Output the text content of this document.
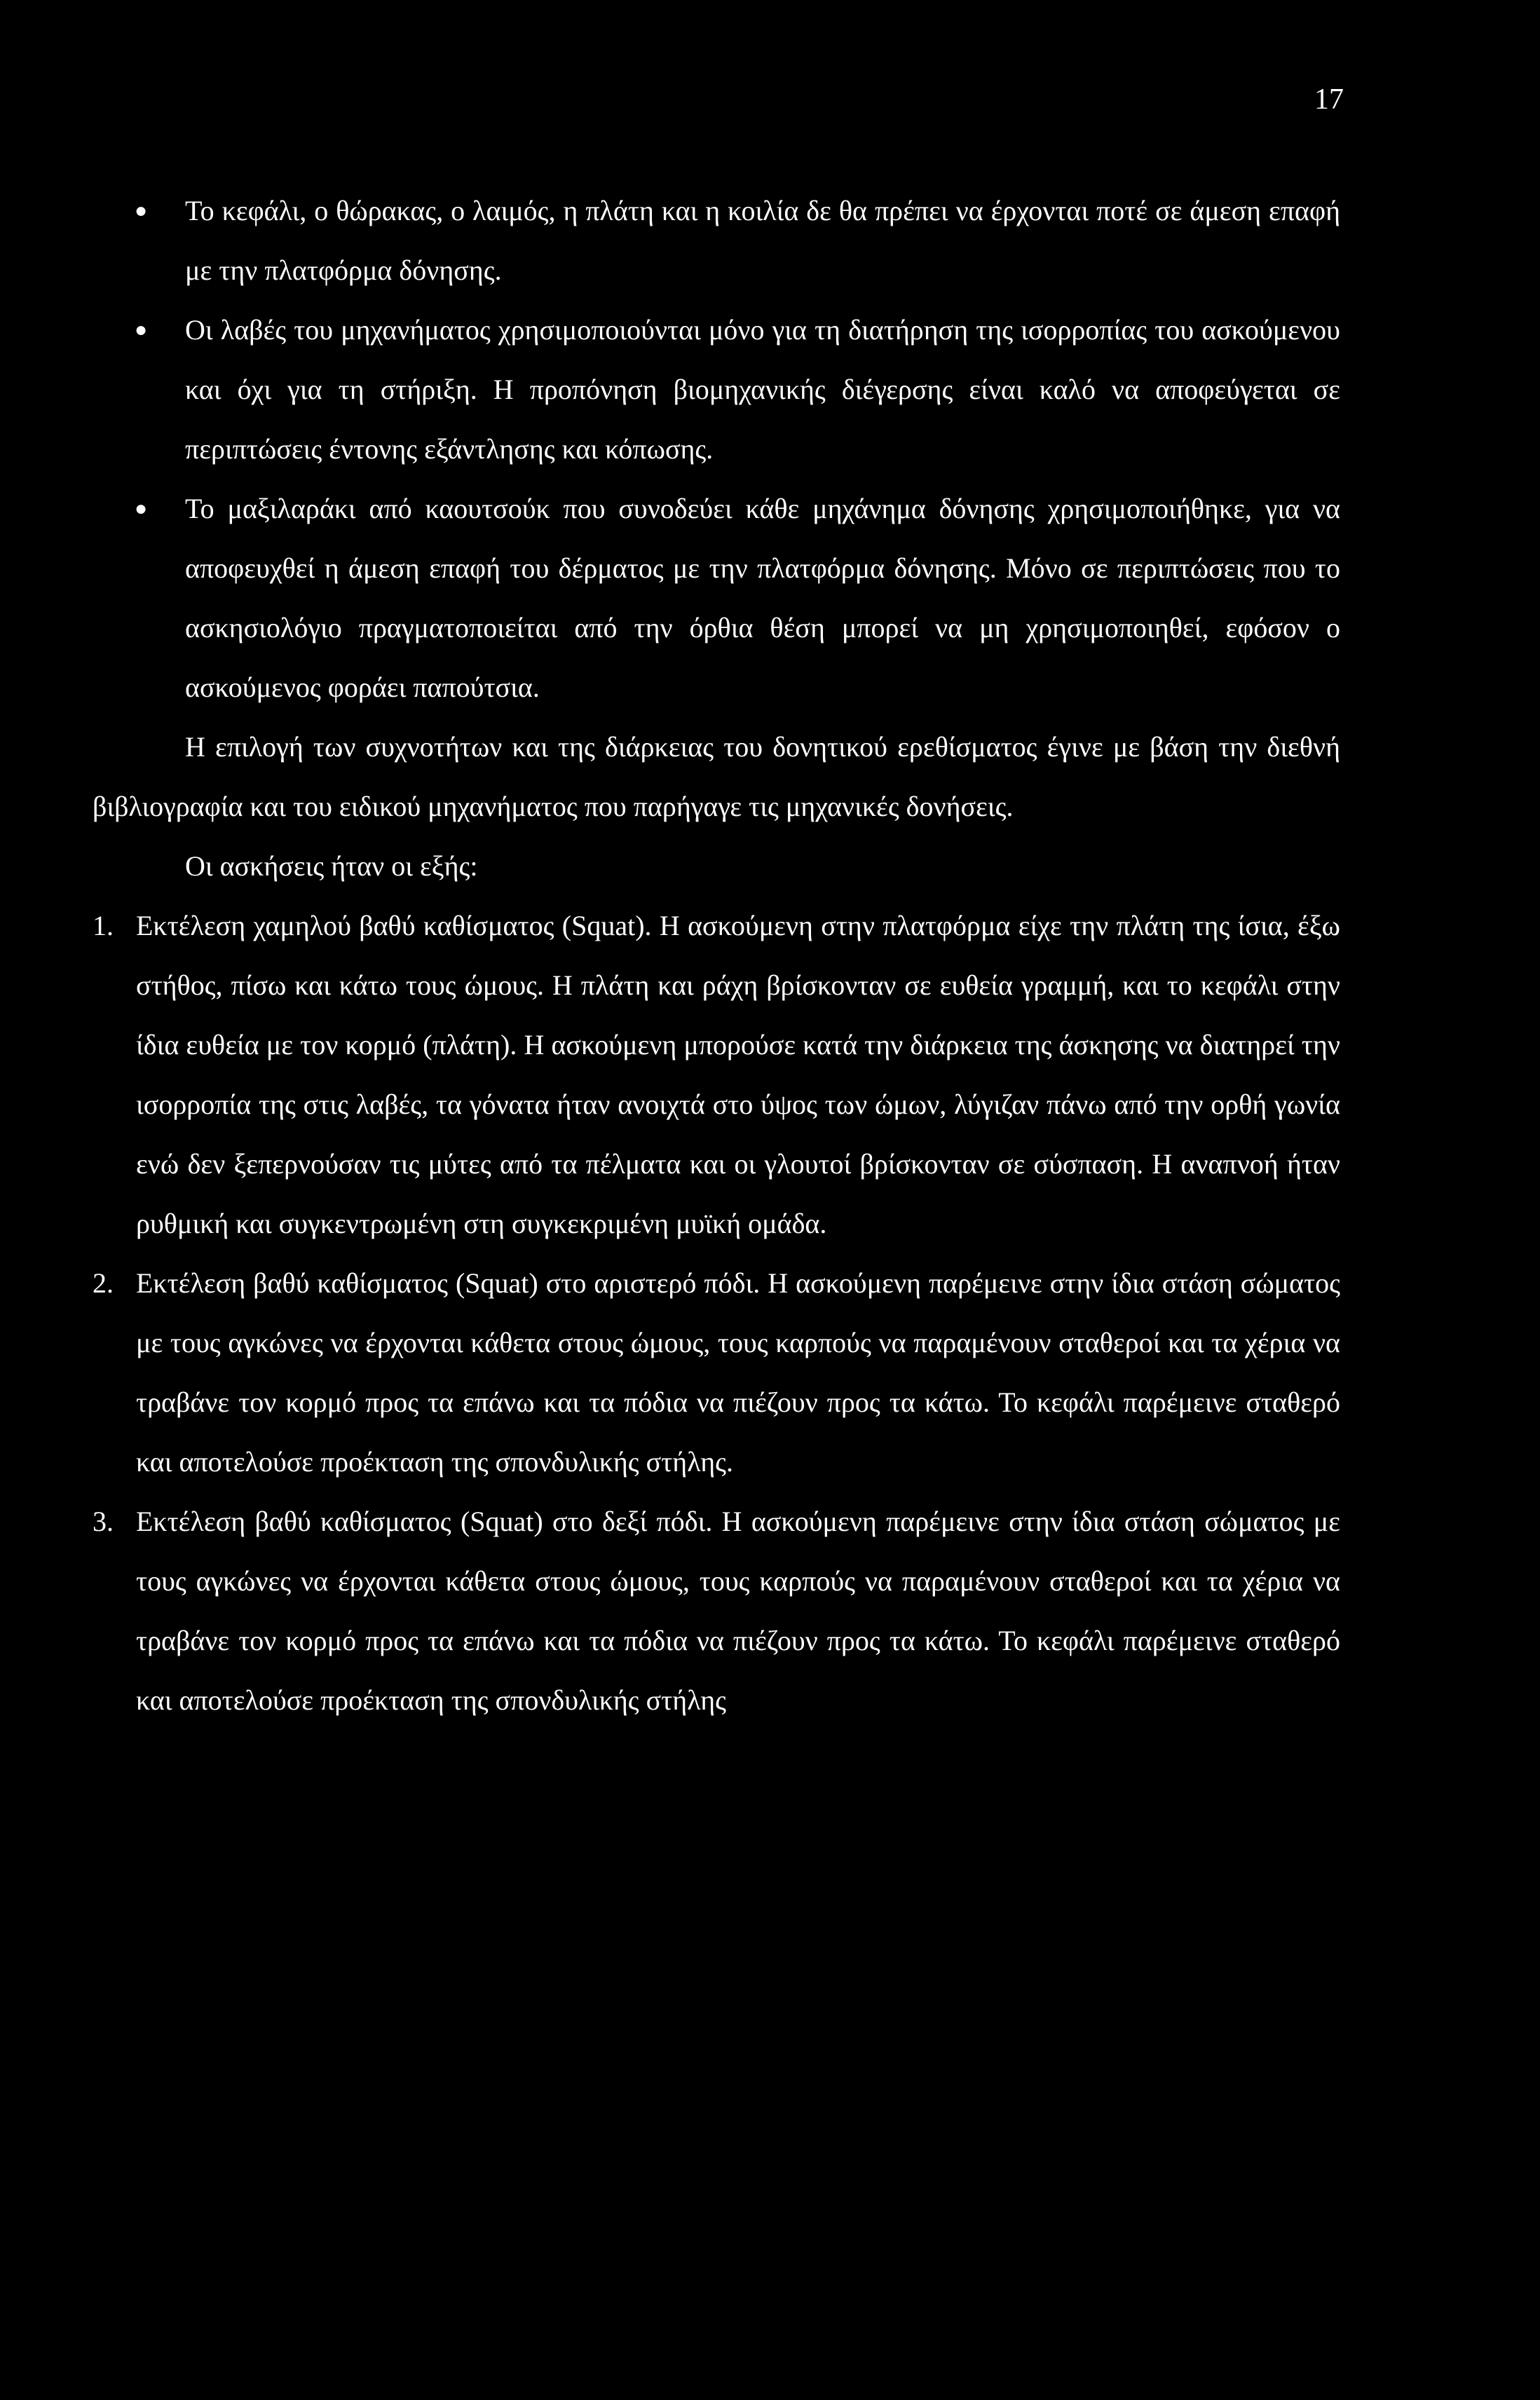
17
● Το κεφάλι, ο θώρακας, ο λαιμός, η πλάτη και η κοιλία δε θα πρέπει να έρχονται ποτέ σε άμεση επαφή με την πλατφόρμα δόνησης.
● Οι λαβές του μηχανήματος χρησιμοποιούνται μόνο για τη διατήρηση της ισορροπίας του ασκούμενου και όχι για τη στήριξη. Η προπόνηση βιομηχανικής διέγερσης είναι καλό να αποφεύγεται σε περιπτώσεις έντονης εξάντλησης και κόπωσης.
● Το μαξιλαράκι από καουτσούκ που συνοδεύει κάθε μηχάνημα δόνησης χρησιμοποιήθηκε, για να αποφευχθεί η άμεση επαφή του δέρματος με την πλατφόρμα δόνησης. Μόνο σε περιπτώσεις που το ασκησιολόγιο πραγματοποιείται από την όρθια θέση μπορεί να μη χρησιμοποιηθεί, εφόσον ο ασκούμενος φοράει παπούτσια.

Η επιλογή των συχνοτήτων και της διάρκειας του δονητικού ερεθίσματος έγινε με βάση την διεθνή βιβλιογραφία και του ειδικού μηχανήματος που παρήγαγε τις μηχανικές δονήσεις.

Οι ασκήσεις ήταν οι εξής:

1. Εκτέλεση χαμηλού βαθύ καθίσματος (Squat). Η ασκούμενη στην πλατφόρμα είχε την πλάτη της ίσια, έξω στήθος, πίσω και κάτω τους ώμους. Η πλάτη και ράχη βρίσκονταν σε ευθεία γραμμή, και το κεφάλι στην ίδια ευθεία με τον κορμό (πλάτη). Η ασκούμενη μπορούσε κατά την διάρκεια της άσκησης να διατηρεί την ισορροπία της στις λαβές, τα γόνατα ήταν ανοιχτά στο ύψος των ώμων, λύγιζαν πάνω από την ορθή γωνία ενώ δεν ξεπερνούσαν τις μύτες από τα πέλματα και οι γλουτοί βρίσκονταν σε σύσπαση. Η αναπνοή ήταν ρυθμική και συγκεντρωμένη στη συγκεκριμένη μυϊκή ομάδα.
2. Εκτέλεση βαθύ καθίσματος (Squat) στο αριστερό πόδι. Η ασκούμενη παρέμεινε στην ίδια στάση σώματος με τους αγκώνες να έρχονται κάθετα στους ώμους, τους καρπούς να παραμένουν σταθεροί και τα χέρια να τραβάνε τον κορμό προς τα επάνω και τα πόδια να πιέζουν προς τα κάτω. Το κεφάλι παρέμεινε σταθερό και αποτελούσε προέκταση της σπονδυλικής στήλης.
3. Εκτέλεση βαθύ καθίσματος (Squat) στο δεξί πόδι. Η ασκούμενη παρέμεινε στην ίδια στάση σώματος με τους αγκώνες να έρχονται κάθετα στους ώμους, τους καρπούς να παραμένουν σταθεροί και τα χέρια να τραβάνε τον κορμό προς τα επάνω και τα πόδια να πιέζουν προς τα κάτω. Το κεφάλι παρέμεινε σταθερό και αποτελούσε προέκταση της σπονδυλικής στήλης
